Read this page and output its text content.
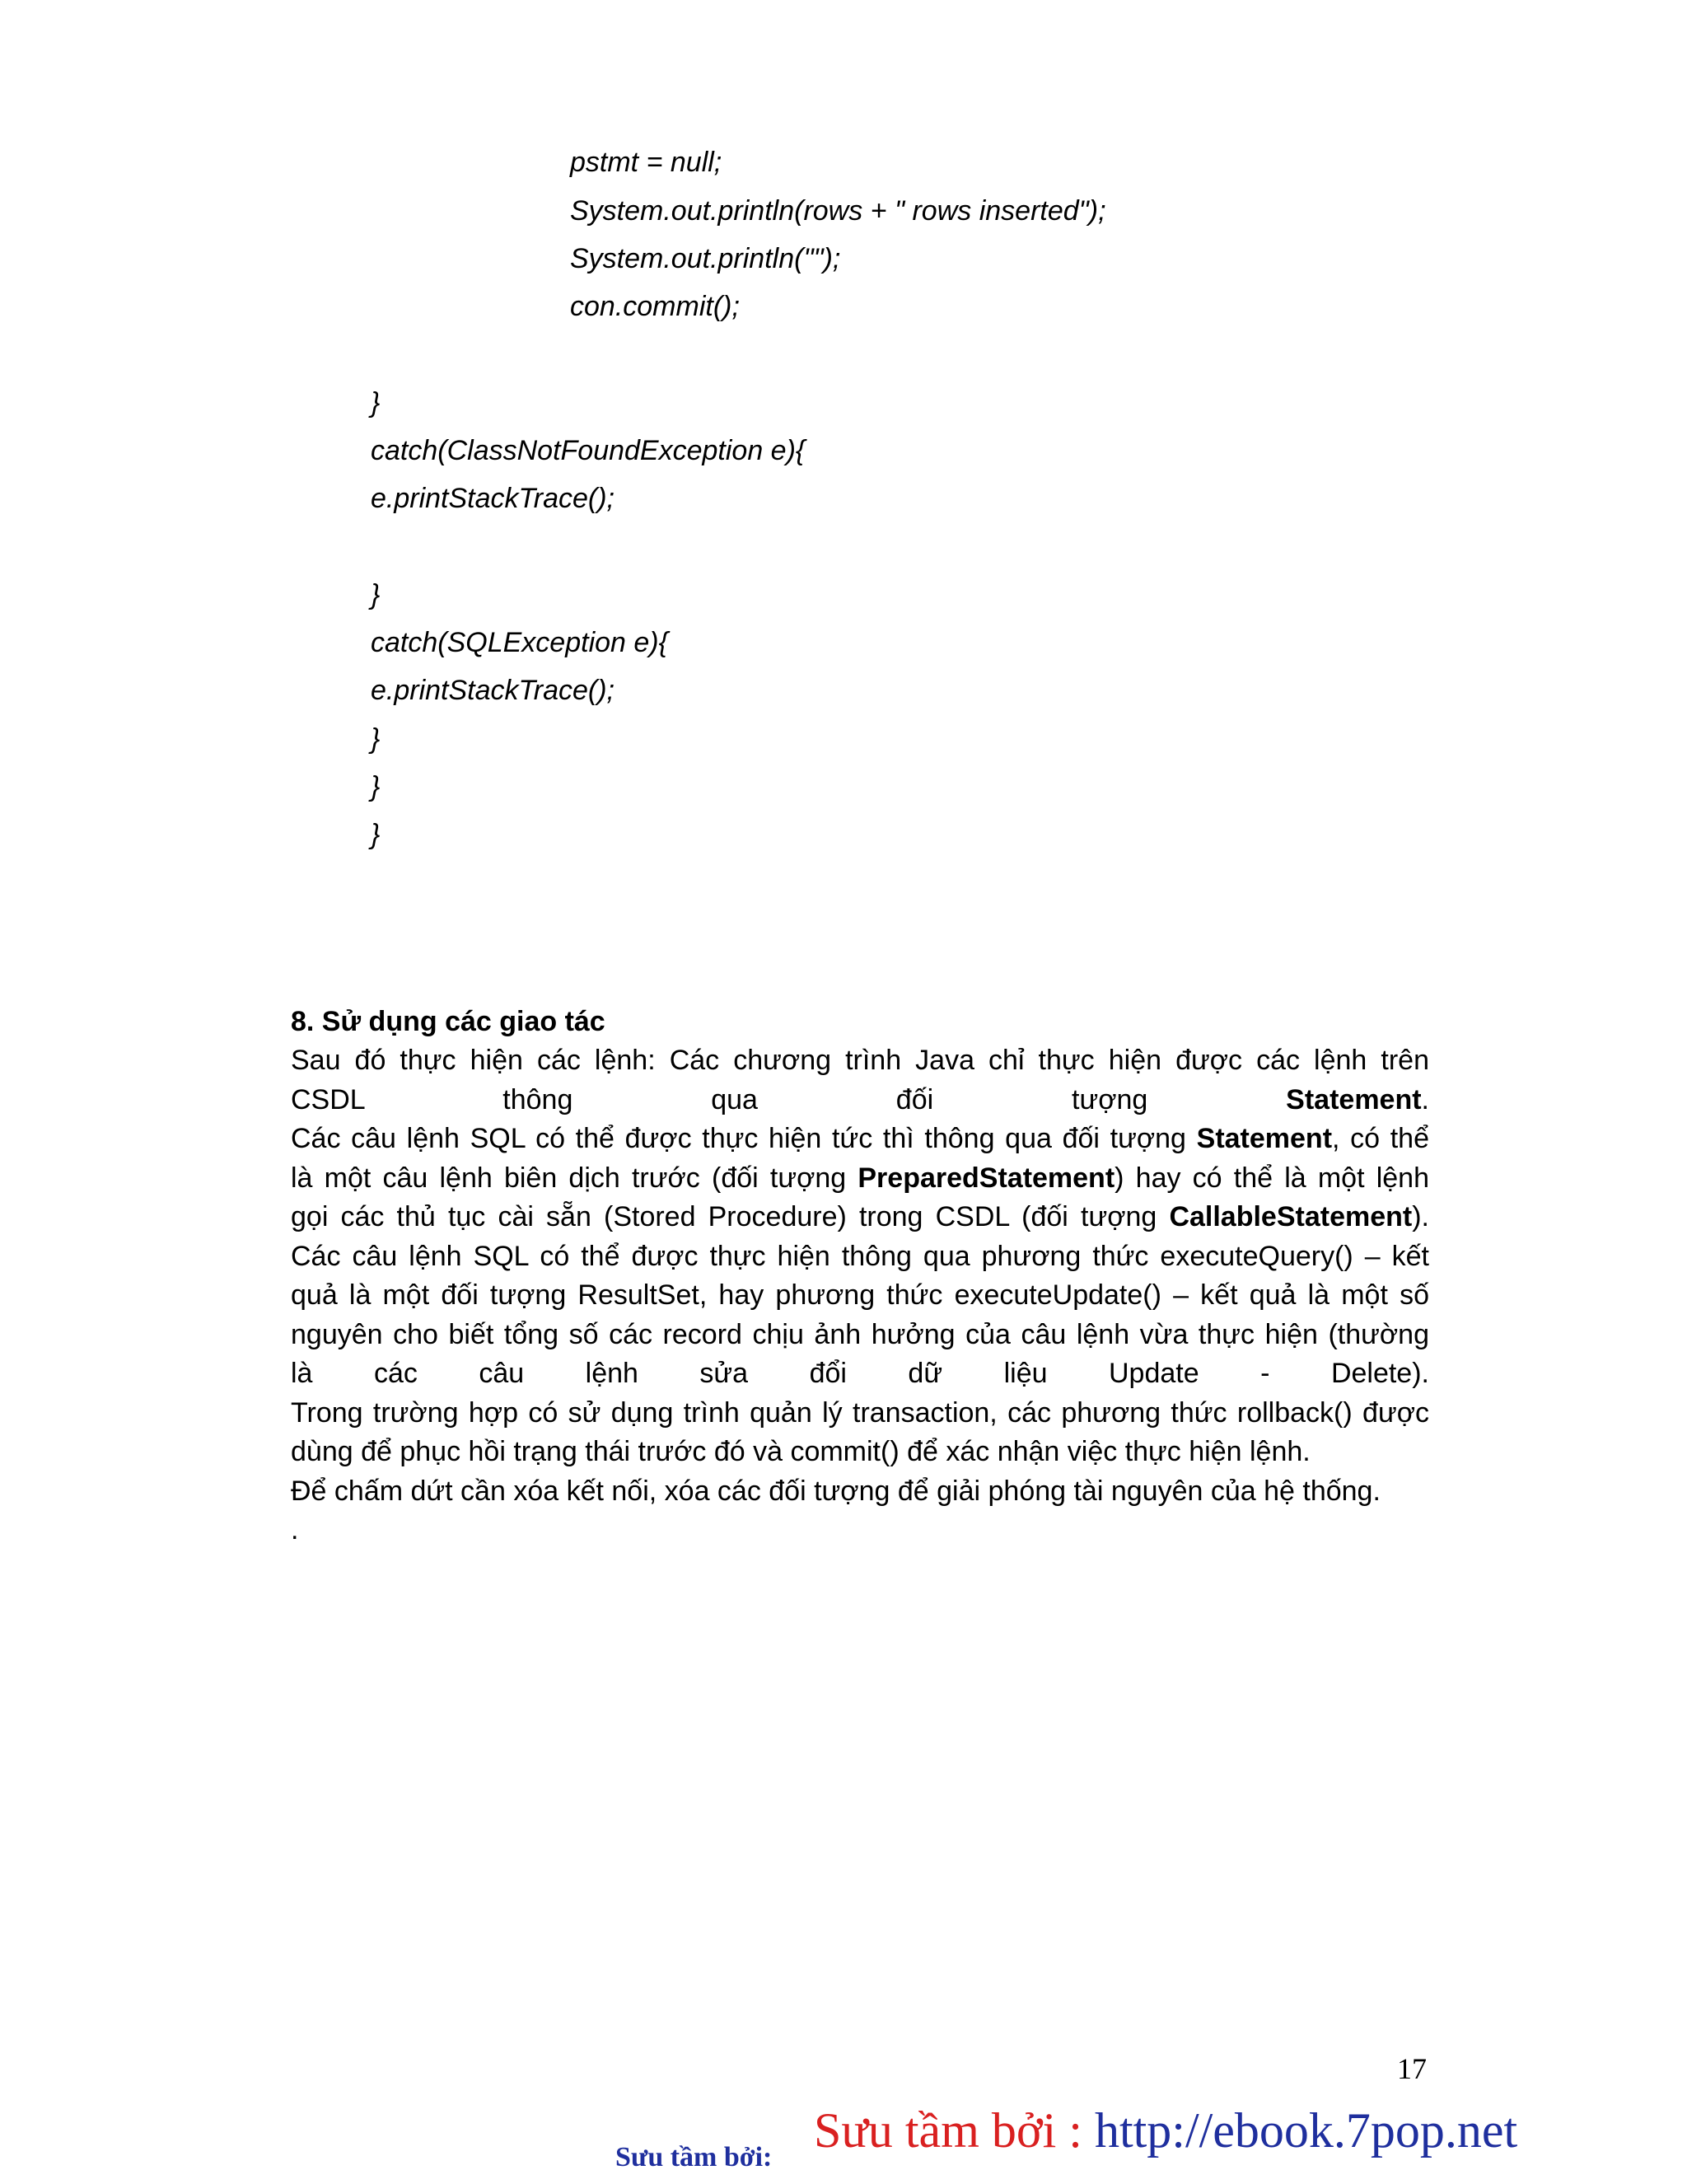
pstmt = null;
System.out.println(rows + " rows inserted");
System.out.println("");
con.commit();
}
catch(ClassNotFoundException e){
e.printStackTrace();
}
catch(SQLException e){
e.printStackTrace();
}
}
}

8. Sử dụng các giao tác

Sau đó thực hiện các lệnh: Các chương trình Java chỉ thực hiện được các lệnh trên
CSDL thông qua đối tượng Statement.
Các câu lệnh SQL có thể được thực hiện tức thì thông qua đối tượng Statement, có thể
là một câu lệnh biên dịch trước (đối tượng PreparedStatement) hay có thể là một lệnh
gọi các thủ tục cài sẵn (Stored Procedure) trong CSDL (đối tượng CallableStatement).
Các câu lệnh SQL có thể được thực hiện thông qua phương thức executeQuery() – kết
quả là một đối tượng ResultSet, hay phương thức executeUpdate() – kết quả là một số
nguyên cho biết tổng số các record chịu ảnh hưởng của câu lệnh vừa thực hiện (thường
là các câu lệnh sửa đổi dữ liệu Update - Delete).
Trong trường hợp có sử dụng trình quản lý transaction, các phương thức rollback() được
dùng để phục hồi trạng thái trước đó và commit() để xác nhận việc thực hiện lệnh.
Để chấm dứt cần xóa kết nối, xóa các đối tượng để giải phóng tài nguyên của hệ thống.
.
17
Sưu tầm bởi: Sưu tầm bởi : http://ebook.7pop.net
